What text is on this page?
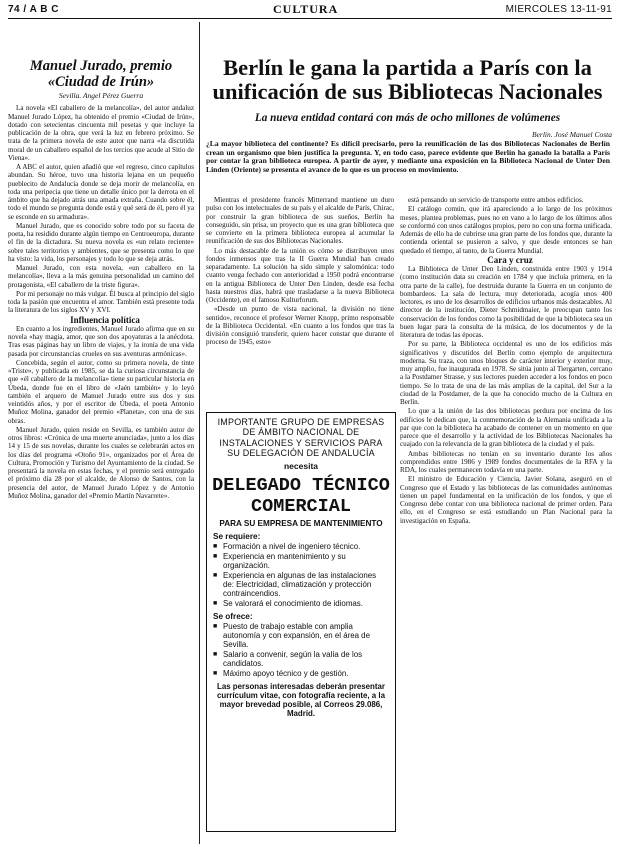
74 / A B C	CULTURA	MIERCOLES 13-11-91
Manuel Jurado, premio «Ciudad de Irún»
Sevilla. Angel Pérez Guerra

La novela «El caballero de la melancolía», del autor andaluz Manuel Jurado López, ha obtenido el premio «Ciudad de Irún», dotado con setecientas cincuenta mil pesetas y que incluye la publicación de la obra, que verá la luz en febrero próximo. Se trata de la primera novela de este autor que narra «la discutida moral de un caballero español de los tercios que acude al Sitio de Viena».

A ABC el autor, quien añadió que «el regreso, cinco capítulos abundan. Su héroe, tuvo una historia lejana en un pequeño pueblecito de Andalucía donde se deja morir de melancolía, en toda una peripecia que tiene un detalle único por la derrota en el ámbito que ha dejado atrás una amada extraña. Cuando sobre él, todo el mundo se pregunta donde está y qué será de él, pero él ya se esconde en su armadura».

Manuel Jurado, que es conocido sobre todo por su faceta de poeta, ha residido durante algún tiempo en Centroeuropa, durante el fin de la dictadura. Su nueva novela es «un relato reciente» sobre tales territorios y ambientes, que se presenta como lo que ha visto: la vida, los personajes y todo lo que se deja atrás.

Manuel Jurado, con esta novela, «un caballero en la melancolía», lleva a la más genuina personalidad un camino del protagonista, «El caballero de la triste figura».

Por mi personaje no más vulgar. Él busca al principio del siglo toda la pasión que encuentra el amor. También está presente toda la literatura de los siglos XV y XVI.

Influencia política

En cuanto a los ingredientes, Manuel Jurado afirma que en su novela «hay magia, amor, que son dos apoyaturas a la anécdota. Tras esas páginas hay un libro de viajes, y la ironía de una vida pasada por circunstancias crueles en sus aventuras armónicas».

Concebida, según el autor, como su primera novela, de tinte «Triste», y publicada en 1985, se da la curiosa circunstancia de que «él caballero de la melancolía» tiene su particular historia en Úbeda, donde fue en el libro de «Jaén también» y lo leyó también el arquero de Manuel Jurado entre sus dos y sus veintidós años, y por el escritor de Úbeda, el poeta Antonio Muñoz Molina, ganador del premio «Planeta», con una de sus obras.

Manuel Jurado, quien reside en Sevilla, es también autor de otros libros: «Crónica de una muerte anunciada», junto a los días 14 y 15 de sus novelas, durante los cuales se celebrarán actos en los días del programa «Otoño 91», organizados por el Área de Cultura, Promoción y Turismo del Ayuntamiento de la ciudad. Se presentará la novela en estas fechas, y el premio será entregado el próximo día 28 por el alcalde, de Alonso de Santos, con la presencia del autor, de Manuel Jurado López y de Antonio Muñoz Molina, ganador del «Premio Martín Navarrete».

Berlín le gana la partida a París con la unificación de sus Bibliotecas Nacionales
La nueva entidad contará con más de ocho millones de volúmenes
Berlín. José Manuel Costa
¿La mayor biblioteca del continente? Es difícil precisarlo, pero la reunificación de las dos Bibliotecas Nacionales de Berlín crean un organismo que bien justifica la pregunta. Y, en todo caso, parece evidente que Berlín ha ganado la batalla a París por contar la gran biblioteca europea. A partir de ayer, y mediante una exposición en la Biblioteca Nacional de Unter Den Linden (Oriente) se presenta el avance de lo que es un proceso en movimiento.

Mientras el presidente francés Mitterrand mantiene un duro pulso con los intelectuales de su país y el alcalde de París, Chirac, por construir la gran biblioteca de sus sueños, Berlín ha conseguido, sin prisa, un proyecto que es una gran biblioteca que se convierte en la primera biblioteca europea al acumular la reunificación de sus dos Bibliotecas Nacionales.

Lo más destacable de la unión es cómo se distribuyen unos fondos inmensos que tras la II Guerra Mundial han creado separadamente. La solución ha sido simple y salomónica: todo cuanto venga fechado con anterioridad a 1950 podrá encontrarse en la antigua Biblioteca de Unter Den Linden, desde esa fecha hasta nuestros días, habrá que trasladarse a la nueva Biblioteca (Occidente), en el famoso Kulturforum.

«Desde un punto de vista nacional, la división no tiene sentido», reconoce el profesor Werner Knopp, primo responsable de la Biblioteca Occidental. «En cuanto a los fondos que tras la división consiguió transferir, quiero hacer constar que durante el proceso de 1945, esto»

está pensando un servicio de transporte entre ambos edificios.

El catálogo común, que irá apareciendo a lo largo de los próximos meses, plantea problemas, pues no en vano a lo largo de los últimos años se conformó con unos catálogos propios, pero no con una forma unificada. Además de ello ha de cubrirse una gran parte de los fondos que, durante la contienda oriental se pusieron a salvo, y que desde entonces se han quedado el tiempo, al tanto, de la Guerra Mundial.

Cara y cruz

La Biblioteca de Unter Den Linden, construida entre 1903 y 1914 (como institución data su creación en 1784 y que incluía primera, en la otra parte de la calle), fue destruida durante la Guerra en un conjunto de bombardeos. La sala de lectura, muy deteriorada, acogía unos 400 lectores, es uno de los desarrollos de edificios urbanos más destacables. Al director de la institución, Dieter Schmidmaier, le preocupan tanto los conservación de los fondos como la posibilidad de que la biblioteca sea un buen lugar para la consulta de la música, de los documentos y de la literatura de todas las épocas.

Por su parte, la Biblioteca occidental es uno de los edificios más significativos y discutidos del Berlín como ejemplo de arquitectura moderna. Su traza, con unos bloques de carácter interior y exterior muy, muy amplio, fue inaugurada en 1978. Se sitúa junto al Tiergarten, cercano a la Postdamer Strasse, y sus lectores pueden acceder a los fondos en poco tiempo. Se lo trata de una de las más amplias de la capital, del Sur a la ciudad de la Postdamer, de la que ha conocido mucho de la Cultura en Berlín.

Lo que a la unión de las dos bibliotecas perdura por encima de los edificios le dedican que, la conmemoración de la Alemania unificada a la par que con la biblioteca ha acabado de contener en un momento en que parece que el desarrollo y la actividad de los Bibliotecas Nacionales ha cuajado con la relevancia de la gran biblioteca de la ciudad y el país.

Ambas bibliotecas no tenían en su inventario durante los años comprendidos entre 1986 y 1989 fondos documentales de la RFA y la RDA, los cuales permanecen todavía en una parte.

El ministro de Educación y Ciencia, Javier Solana, aseguró en el Congreso que el Estado y las bibliotecas de las comunidades autónomas tienen un papel fundamental en la unificación de los fondos, y que el Congreso debe contar con una biblioteca nacional de primer orden. Para ello, en el Congreso se está estudiando un Plan Nacional para la investigación en España.

IMPORTANTE GRUPO DE EMPRESAS DE ÁMBITO NACIONAL DE INSTALACIONES Y SERVICIOS PARA SU DELEGACIÓN DE ANDALUCÍA
necesita
DELEGADO TÉCNICO COMERCIAL
PARA SU EMPRESA DE MANTENIMIENTO
Se requiere:
■ Formación a nivel de ingeniero técnico.
■ Experiencia en mantenimiento y su organización.
■ Experiencia en algunas de las instalaciones de: Electricidad, climatización y protección contraincendios.
■ Se valorará el conocimiento de idiomas.
Se ofrece:
■ Puesto de trabajo estable con amplia autonomía y con expansión, en el área de Sevilla.
■ Salario a convenir, según la valía de los candidatos.
■ Máximo apoyo técnico y de gestión.
Las personas interesadas deberán presentar currículum vitae, con fotografía reciente, a la mayor brevedad posible, al Correos 29.086, Madrid.
